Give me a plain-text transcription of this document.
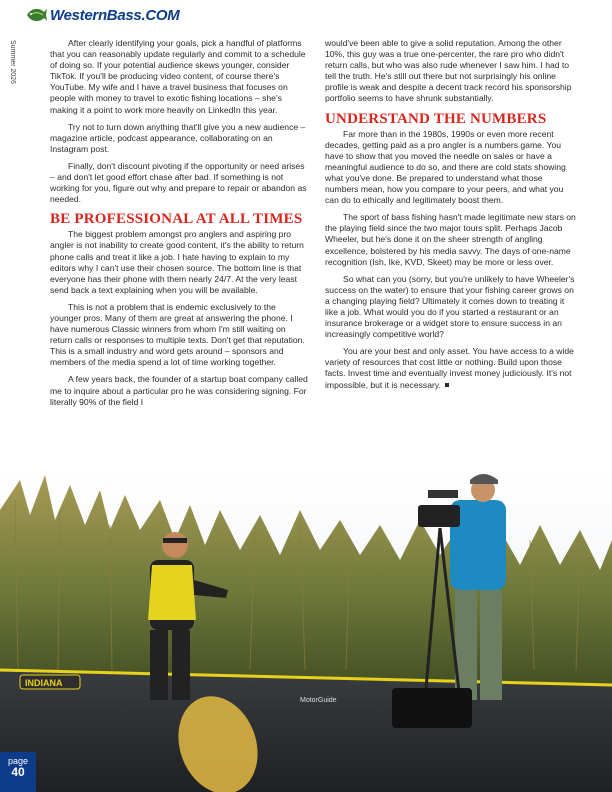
WesternBass.COM
Summer 2026	After clearly identifying your goals, pick a handful of platforms that you can reasonably update regularly and commit to a schedule of doing so. If your potential audience skews younger, consider TikTok. If you'll be producing video content, of course there's YouTube. My wife and I have a travel business that focuses on people with money to travel to exotic fishing locations – she's making it a point to work more heavily on LinkedIn this year.

Try not to turn down anything that'll give you a new audience – magazine article, podcast appearance, collaborating on an Instagram post.

Finally, don't discount pivoting if the opportunity or need arises – and don't let good effort chase after bad. If something is not working for you, figure out why and prepare to repair or abandon as needed.

BE PROFESSIONAL AT ALL TIMES

The biggest problem amongst pro anglers and aspiring pro angler is not inability to create good content, it's the ability to return phone calls and treat it like a job. I hate having to explain to my editors why I can't use their chosen source. The bottom line is that everyone has their phone with them nearly 24/7. At the very least send back a text explaining when you will be available.

This is not a problem that is endemic exclusively to the younger pros. Many of them are great at answering the phone. I have numerous Classic winners from whom I'm still waiting on return calls or responses to multiple texts. Don't get that reputation. This is a small industry and word gets around – sponsors and members of the media spend a lot of time working together.

A few years back, the founder of a startup boat company called me to inquire about a particular pro he was considering signing. For literally 90% of the field I

would've been able to give a solid reputation. Among the other 10%, this guy was a true one-percenter, the rare pro who didn't return calls, but who was also rude whenever I saw him. I had to tell the truth. He's still out there but not surprisingly his online profile is weak and despite a decent track record his sponsorship portfolio seems to have shrunk substantially.

UNDERSTAND THE NUMBERS

Far more than in the 1980s, 1990s or even more recent decades, getting paid as a pro angler is a numbers game. You have to show that you moved the needle on sales or have a meaningful audience to do so, and there are cold stats showing what you've done. Be prepared to understand what those numbers mean, how you compare to your peers, and what you can do to ethically and legitimately boost them.

The sport of bass fishing hasn't made legitimate new stars on the playing field since the two major tours split. Perhaps Jacob Wheeler, but he's done it on the sheer strength of angling excellence, bolstered by his media savvy. The days of one-name recognition (Ish, Ike, KVD, Skeet) may be more or less over.

So what can you (sorry, but you're unlikely to have Wheeler's success on the water) to ensure that your fishing career grows on a changing playing field? Ultimately it comes down to treating it like a job. What would you do if you started a restaurant or an insurance brokerage or a widget store to ensure success in an increasingly competitive world?

You are your best and only asset. You have access to a wide variety of resources that cost little or nothing. Build upon those facts. Invest time and eventually invest money judiciously. It's not impossible, but it is necessary.

INDIANA
MotorGuide
page
40
